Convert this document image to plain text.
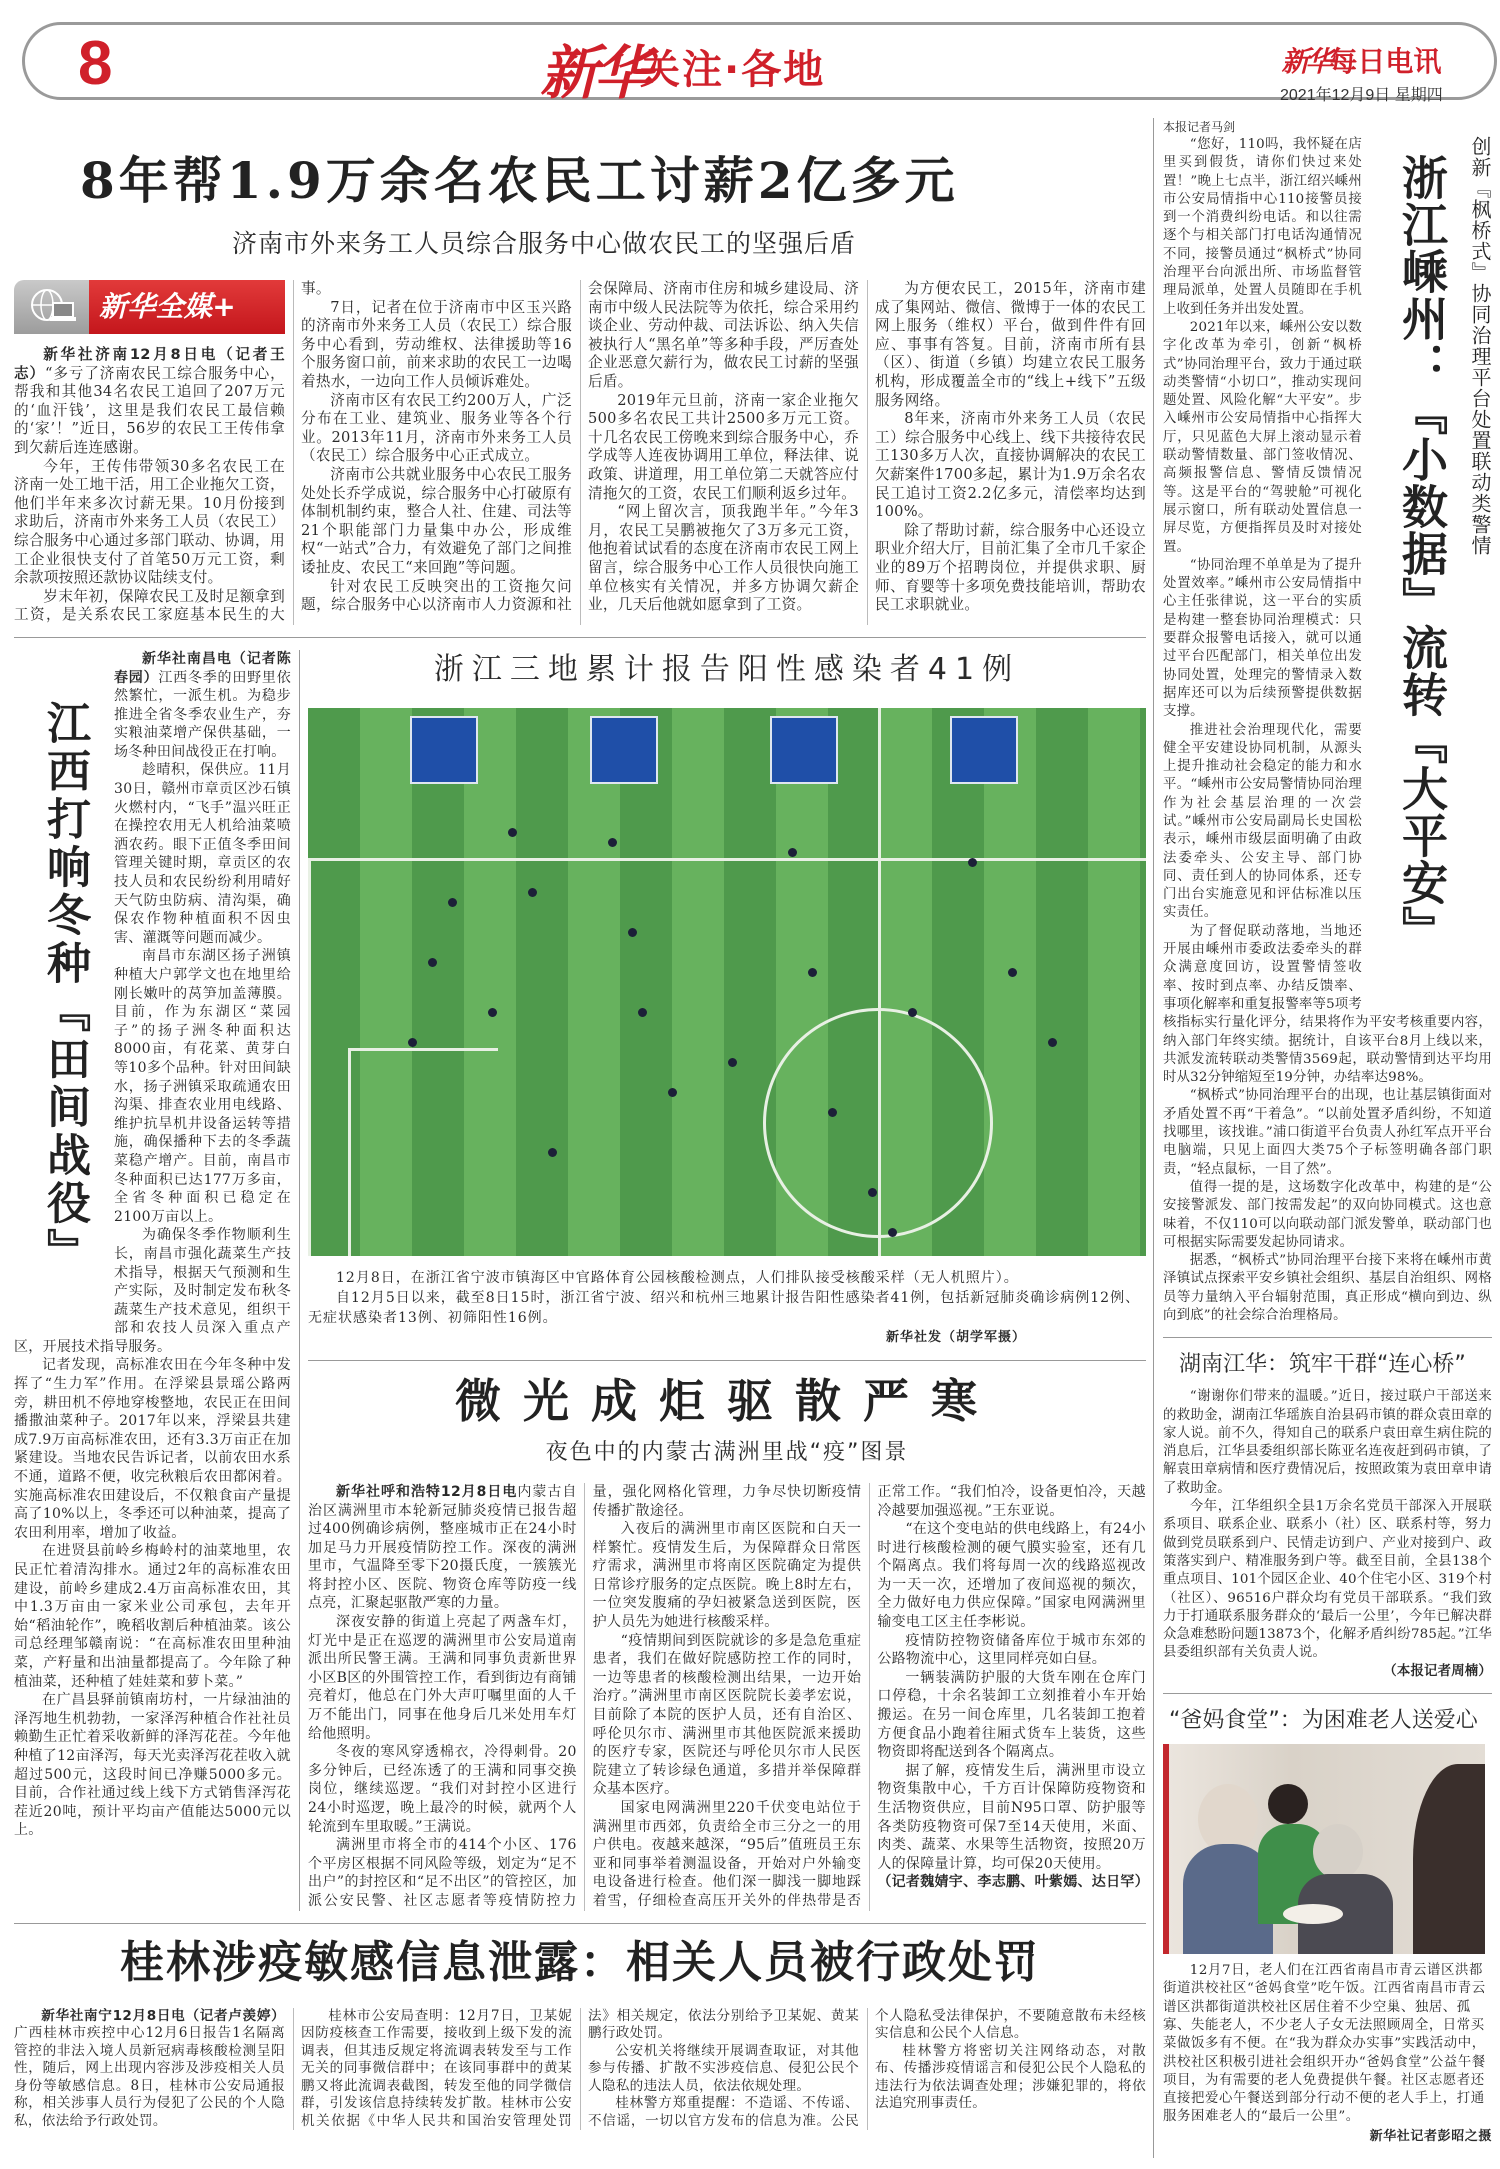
8	新华
关注·各地	新华每日电讯
2021年12月9日 星期四
8年帮1.9万余名农民工讨薪2亿多元
济南市外来务工人员综合服务中心做农民工的坚强后盾
新华全媒+

新华社济南12月8日电（记者王志）“多亏了济南农民工综合服务中心，帮我和其他34名农民工追回了207万元的‘血汗钱’，这里是我们农民工最信赖的‘家’！”近日，56岁的农民工王传伟拿到欠薪后连连感谢。

今年，王传伟带领30多名农民工在济南一处工地干活，用工企业拖欠工资，他们半年来多次讨薪无果。10月份接到求助后，济南市外来务工人员（农民工）综合服务中心通过多部门联动、协调，用工企业很快支付了首笔50万元工资，剩余款项按照还款协议陆续支付。

岁末年初，保障农民工及时足额拿到工资，是关系农民工家庭基本民生的大事。

7日，记者在位于济南市中区玉兴路的济南市外来务工人员（农民工）综合服务中心看到，劳动维权、法律援助等16个服务窗口前，前来求助的农民工一边喝着热水，一边向工作人员倾诉难处。

济南市区有农民工约200万人，广泛分布在工业、建筑业、服务业等各个行业。2013年11月，济南市外来务工人员（农民工）综合服务中心正式成立。

济南市公共就业服务中心农民工服务处处长乔学成说，综合服务中心打破原有体制机制约束，整合人社、住建、司法等21个职能部门力量集中办公，形成维权“一站式”合力，有效避免了部门之间推诿扯皮、农民工“来回跑”等问题。

针对农民工反映突出的工资拖欠问题，综合服务中心以济南市人力资源和社会保障局、济南市住房和城乡建设局、济南市中级人民法院等为依托，综合采用约谈企业、劳动仲裁、司法诉讼、纳入失信被执行人“黑名单”等多种手段，严厉查处企业恶意欠薪行为，做农民工讨薪的坚强后盾。

2019年元旦前，济南一家企业拖欠500多名农民工共计2500多万元工资。十几名农民工傍晚来到综合服务中心，乔学成等人连夜协调用工单位，释法律、说政策、讲道理，用工单位第二天就答应付清拖欠的工资，农民工们顺利返乡过年。

“网上留次言，顶我跑半年。”今年3月，农民工吴鹏被拖欠了3万多元工资，他抱着试试看的态度在济南市农民工网上留言，综合服务中心工作人员很快向施工单位核实有关情况，并多方协调欠薪企业，几天后他就如愿拿到了工资。

为方便农民工，2015年，济南市建成了集网站、微信、微博于一体的农民工网上服务（维权）平台，做到件件有回应、事事有答复。目前，济南市所有县（区）、街道（乡镇）均建立农民工服务机构，形成覆盖全市的“线上+线下”五级服务网络。

8年来，济南市外来务工人员（农民工）综合服务中心线上、线下共接待农民工130多万人次，直接协调解决的农民工欠薪案件1700多起，累计为1.9万余名农民工追讨工资2.2亿多元，清偿率均达到100%。

除了帮助讨薪，综合服务中心还设立职业介绍大厅，目前汇集了全市几千家企业的89万个招聘岗位，并提供求职、厨师、育婴等十多项免费技能培训，帮助农民工求职就业。

江西打响冬种『田间战役』

新华社南昌电（记者陈春园）江西冬季的田野里依然繁忙，一派生机。为稳步推进全省冬季农业生产，夯实粮油菜增产保供基础，一场冬种田间战役正在打响。

趁晴积，保供应。11月30日，赣州市章贡区沙石镇火燃村内，“飞手”温兴旺正在操控农用无人机给油菜喷洒农药。眼下正值冬季田间管理关键时期，章贡区的农技人员和农民纷纷利用晴好天气防虫防病、清沟渠，确保农作物种植面积不因虫害、灌溉等问题而减少。

南昌市东湖区扬子洲镇种植大户郭学文也在地里给刚长嫩叶的莴笋加盖薄膜。目前，作为东湖区“菜园子”的扬子洲冬种面积达8000亩，有花菜、黄芽白等10多个品种。针对田间缺水，扬子洲镇采取疏通农田沟渠、排查农业用电线路、维护抗旱机井设备运转等措施，确保播种下去的冬季蔬菜稳产增产。目前，南昌市冬种面积已达177万多亩，全省冬种面积已稳定在2100万亩以上。

为确保冬季作物顺利生长，南昌市强化蔬菜生产技术指导，根据天气预测和生产实际，及时制定发布秋冬蔬菜生产技术意见，组织干部和农技人员深入重点产区，开展技术指导服务。

记者发现，高标准农田在今年冬种中发挥了“生力军”作用。在浮梁县景瑶公路两旁，耕田机不停地穿梭整地，农民正在田间播撒油菜种子。2017年以来，浮梁县共建成7.9万亩高标准农田，还有3.3万亩正在加紧建设。当地农民告诉记者，以前农田水系不通，道路不便，收完秋粮后农田都闲着。实施高标准农田建设后，不仅粮食亩产量提高了10%以上，冬季还可以种油菜，提高了农田利用率，增加了收益。

在进贤县前岭乡梅岭村的油菜地里，农民正忙着清沟排水。通过2年的高标准农田建设，前岭乡建成2.4万亩高标准农田，其中1.3万亩由一家米业公司承包，去年开始“稻油轮作”，晚稻收割后种植油菜。该公司总经理邹赣南说：“在高标准农田里种油菜，产籽量和出油量都提高了。今年除了种植油菜，还种植了娃娃菜和萝卜菜。”

在广昌县驿前镇南坊村，一片绿油油的泽泻地生机勃勃，一家泽泻种植合作社社员赖勤生正忙着采收新鲜的泽泻花茬。今年他种植了12亩泽泻，每天光卖泽泻花茬收入就超过500元，这段时间已净赚5000多元。目前，合作社通过线上线下方式销售泽泻花茬近20吨，预计平均亩产值能达5000元以上。

浙江三地累计报告阳性感染者41例

12月8日，在浙江省宁波市镇海区中官路体育公园核酸检测点，人们排队接受核酸采样（无人机照片）。

自12月5日以来，截至8日15时，浙江省宁波、绍兴和杭州三地累计报告阳性感染者41例，包括新冠肺炎确诊病例12例、无症状感染者13例、初筛阳性16例。

新华社发（胡学军摄）
微光成炬驱散严寒
夜色中的内蒙古满洲里战“疫”图景

新华社呼和浩特12月8日电内蒙古自治区满洲里市本轮新冠肺炎疫情已报告超过400例确诊病例，整座城市正在24小时加足马力开展疫情防控工作。深夜的满洲里市，气温降至零下20摄氏度，一簇簇光将封控小区、医院、物资仓库等防疫一线点亮，汇聚起驱散严寒的力量。

深夜安静的街道上亮起了两盏车灯，灯光中是正在巡逻的满洲里市公安局道南派出所民警王满。王满和同事负责新世界小区B区的外围管控工作，看到街边有商铺亮着灯，他总在门外大声叮嘱里面的人千万不能出门，同事在他身后几米处用车灯给他照明。

冬夜的寒风穿透棉衣，冷得刺骨。20多分钟后，已经冻透了的王满和同事交换岗位，继续巡逻。“我们对封控小区进行24小时巡逻，晚上最冷的时候，就两个人轮流到车里取暖。”王满说。

满洲里市将全市的414个小区、176个平房区根据不同风险等级，划定为“足不出户”的封控区和“足不出区”的管控区，加派公安民警、社区志愿者等疫情防控力量，强化网格化管理，力争尽快切断疫情传播扩散途径。

入夜后的满洲里市南区医院和白天一样繁忙。疫情发生后，为保障群众日常医疗需求，满洲里市将南区医院确定为提供日常诊疗服务的定点医院。晚上8时左右，一位突发腹痛的孕妇被紧急送到医院，医护人员先为她进行核酸采样。

“疫情期间到医院就诊的多是急危重症患者，我们在做好院感防控工作的同时，一边等患者的核酸检测出结果，一边开始治疗。”满洲里市南区医院院长姜孝宏说，目前除了本院的医护人员，还有自治区、呼伦贝尔市、满洲里市其他医院派来援助的医疗专家，医院还与呼伦贝尔市人民医院建立了转诊绿色通道，多措并举保障群众基本医疗。

国家电网满洲里220千伏变电站位于满洲里市西郊，负责给全市三分之一的用户供电。夜越来越深，“95后”值班员王东亚和同事举着测温设备，开始对户外输变电设备进行检查。他们深一脚浅一脚地踩着雪，仔细检查高压开关外的伴热带是否正常工作。“我们怕冷，设备更怕冷，天越冷越要加强巡视。”王东亚说。

“在这个变电站的供电线路上，有24小时进行核酸检测的硬气膜实验室，还有几个隔离点。我们将每周一次的线路巡视改为一天一次，还增加了夜间巡视的频次，全力做好电力供应保障。”国家电网满洲里输变电工区主任李彬说。

疫情防控物资储备库位于城市东郊的公路物流中心，这里同样亮如白昼。

一辆装满防护服的大货车刚在仓库门口停稳，十余名装卸工立刻推着小车开始搬运。在另一间仓库里，几名装卸工抱着方便食品小跑着往厢式货车上装货，这些物资即将配送到各个隔离点。

据了解，疫情发生后，满洲里市设立物资集散中心，千方百计保障防疫物资和生活物资供应，目前N95口罩、防护服等各类防疫物资可保7至14天使用，米面、肉类、蔬菜、水果等生活物资，按照20万人的保障量计算，均可保20天使用。

（记者魏婧宇、李志鹏、叶紫嫣、达日罕）

桂林涉疫敏感信息泄露：相关人员被行政处罚

新华社南宁12月8日电（记者卢羡婷）广西桂林市疾控中心12月6日报告1名隔离管控的非法入境人员新冠病毒核酸检测呈阳性，随后，网上出现内容涉及涉疫相关人员身份等敏感信息。8日，桂林市公安局通报称，相关涉事人员行为侵犯了公民的个人隐私，依法给予行政处罚。

桂林市公安局查明：12月7日，卫某妮因防疫核查工作需要，接收到上级下发的流调表，但其违反规定将流调表转发至与工作无关的同事微信群中；在该同事群中的黄某鹏又将此流调表截图，转发至他的同学微信群，引发该信息持续转发扩散。桂林市公安机关依据《中华人民共和国治安管理处罚法》相关规定，依法分别给予卫某妮、黄某鹏行政处罚。

公安机关将继续开展调查取证，对其他参与传播、扩散不实涉疫信息、侵犯公民个人隐私的违法人员，依法依规处理。

桂林警方郑重提醒：不造谣、不传谣、不信谣，一切以官方发布的信息为准。公民个人隐私受法律保护，不要随意散布未经核实信息和公民个人信息。

桂林警方将密切关注网络动态，对散布、传播涉疫情谣言和侵犯公民个人隐私的违法行为依法调查处理；涉嫌犯罪的，将依法追究刑事责任。

本报记者马剑
创新『枫桥式』协同治理平台处置联动类警情
浙江嵊州：『小数据』流转『大平安』

“您好，110吗，我怀疑在店里买到假货，请你们快过来处置！”晚上七点半，浙江绍兴嵊州市公安局情指中心110接警员接到一个消费纠纷电话。和以往需逐个与相关部门打电话沟通情况不同，接警员通过“枫桥式”协同治理平台向派出所、市场监督管理局派单，处置人员随即在手机上收到任务并出发处置。

2021年以来，嵊州公安以数字化改革为牵引，创新“枫桥式”协同治理平台，致力于通过联动类警情“小切口”，推动实现问题处置、风险化解“大平安”。步入嵊州市公安局情指中心指挥大厅，只见蓝色大屏上滚动显示着联动警情数量、部门签收情况、高频报警信息、警情反馈情况等。这是平台的“驾驶舱”可视化展示窗口，所有联动处置信息一屏尽览，方便指挥员及时对接处置。

“协同治理不单单是为了提升处置效率。”嵊州市公安局情指中心主任张律说，这一平台的实质是构建一整套协同治理模式：只要群众报警电话接入，就可以通过平台匹配部门，相关单位出发协同处置，处理完的警情录入数据库还可以为后续预警提供数据支撑。

推进社会治理现代化，需要健全平安建设协同机制，从源头上提升推动社会稳定的能力和水平。“嵊州市公安局警情协同治理作为社会基层治理的一次尝试。”嵊州市公安局副局长史国松表示，嵊州市级层面明确了由政法委牵头、公安主导、部门协同、责任到人的协同体系，还专门出台实施意见和评估标准以压实责任。

为了督促联动落地，当地还开展由嵊州市委政法委牵头的群众满意度回访，设置警情签收率、按时到点率、办结反馈率、事项化解率和重复报警率等5项考核指标实行量化评分，结果将作为平安考核重要内容，纳入部门年终实绩。据统计，自该平台8月上线以来，共派发流转联动类警情3569起，联动警情到达平均用时从32分钟缩短至19分钟，办结率达98%。

“枫桥式”协同治理平台的出现，也让基层镇街面对矛盾处置不再“干着急”。“以前处置矛盾纠纷，不知道找哪里，该找谁。”浦口街道平台负责人孙红军点开平台电脑端，只见上面四大类75个子标签明确各部门职责，“轻点鼠标，一目了然”。

值得一提的是，这场数字化改革中，构建的是“公安接警派发、部门按需发起”的双向协同模式。这也意味着，不仅110可以向联动部门派发警单，联动部门也可根据实际需要发起协同请求。

据悉，“枫桥式”协同治理平台接下来将在嵊州市黄泽镇试点探索平安乡镇社会组织、基层自治组织、网格员等力量纳入平台辐射范围，真正形成“横向到边、纵向到底”的社会综合治理格局。

湖南江华：筑牢干群“连心桥”

“谢谢你们带来的温暖。”近日，接过联户干部送来的救助金，湖南江华瑶族自治县码市镇的群众袁田章的家人说。前不久，得知自己的联系户袁田章生病住院的消息后，江华县委组织部长陈亚名连夜赶到码市镇，了解袁田章病情和医疗费情况后，按照政策为袁田章申请了救助金。

今年，江华组织全县1万余名党员干部深入开展联系项目、联系企业、联系小（社）区、联系村等，努力做到党员联系到户、民情走访到户、产业对接到户、政策落实到户、精准服务到户等。截至目前，全县138个重点项目、101个园区企业、40个住宅小区、319个村（社区）、96516户群众均有党员干部联系。“我们致力于打通联系服务群众的‘最后一公里’，今年已解决群众急难愁盼问题13873个，化解矛盾纠纷785起。”江华县委组织部有关负责人说。

（本报记者周楠）

“爸妈食堂”：为困难老人送爱心

12月7日，老人们在江西省南昌市青云谱区洪都街道洪校社区“爸妈食堂”吃午饭。江西省南昌市青云谱区洪都街道洪校社区居住着不少空巢、独居、孤寡、失能老人，不少老人子女无法照顾周全，日常买菜做饭多有不便。在“我为群众办实事”实践活动中，洪校社区积极引进社会组织开办“爸妈食堂”公益午餐项目，为有需要的老人免费提供午餐。社区志愿者还直接把爱心午餐送到部分行动不便的老人手上，打通服务困难老人的“最后一公里”。

新华社记者彭昭之摄
